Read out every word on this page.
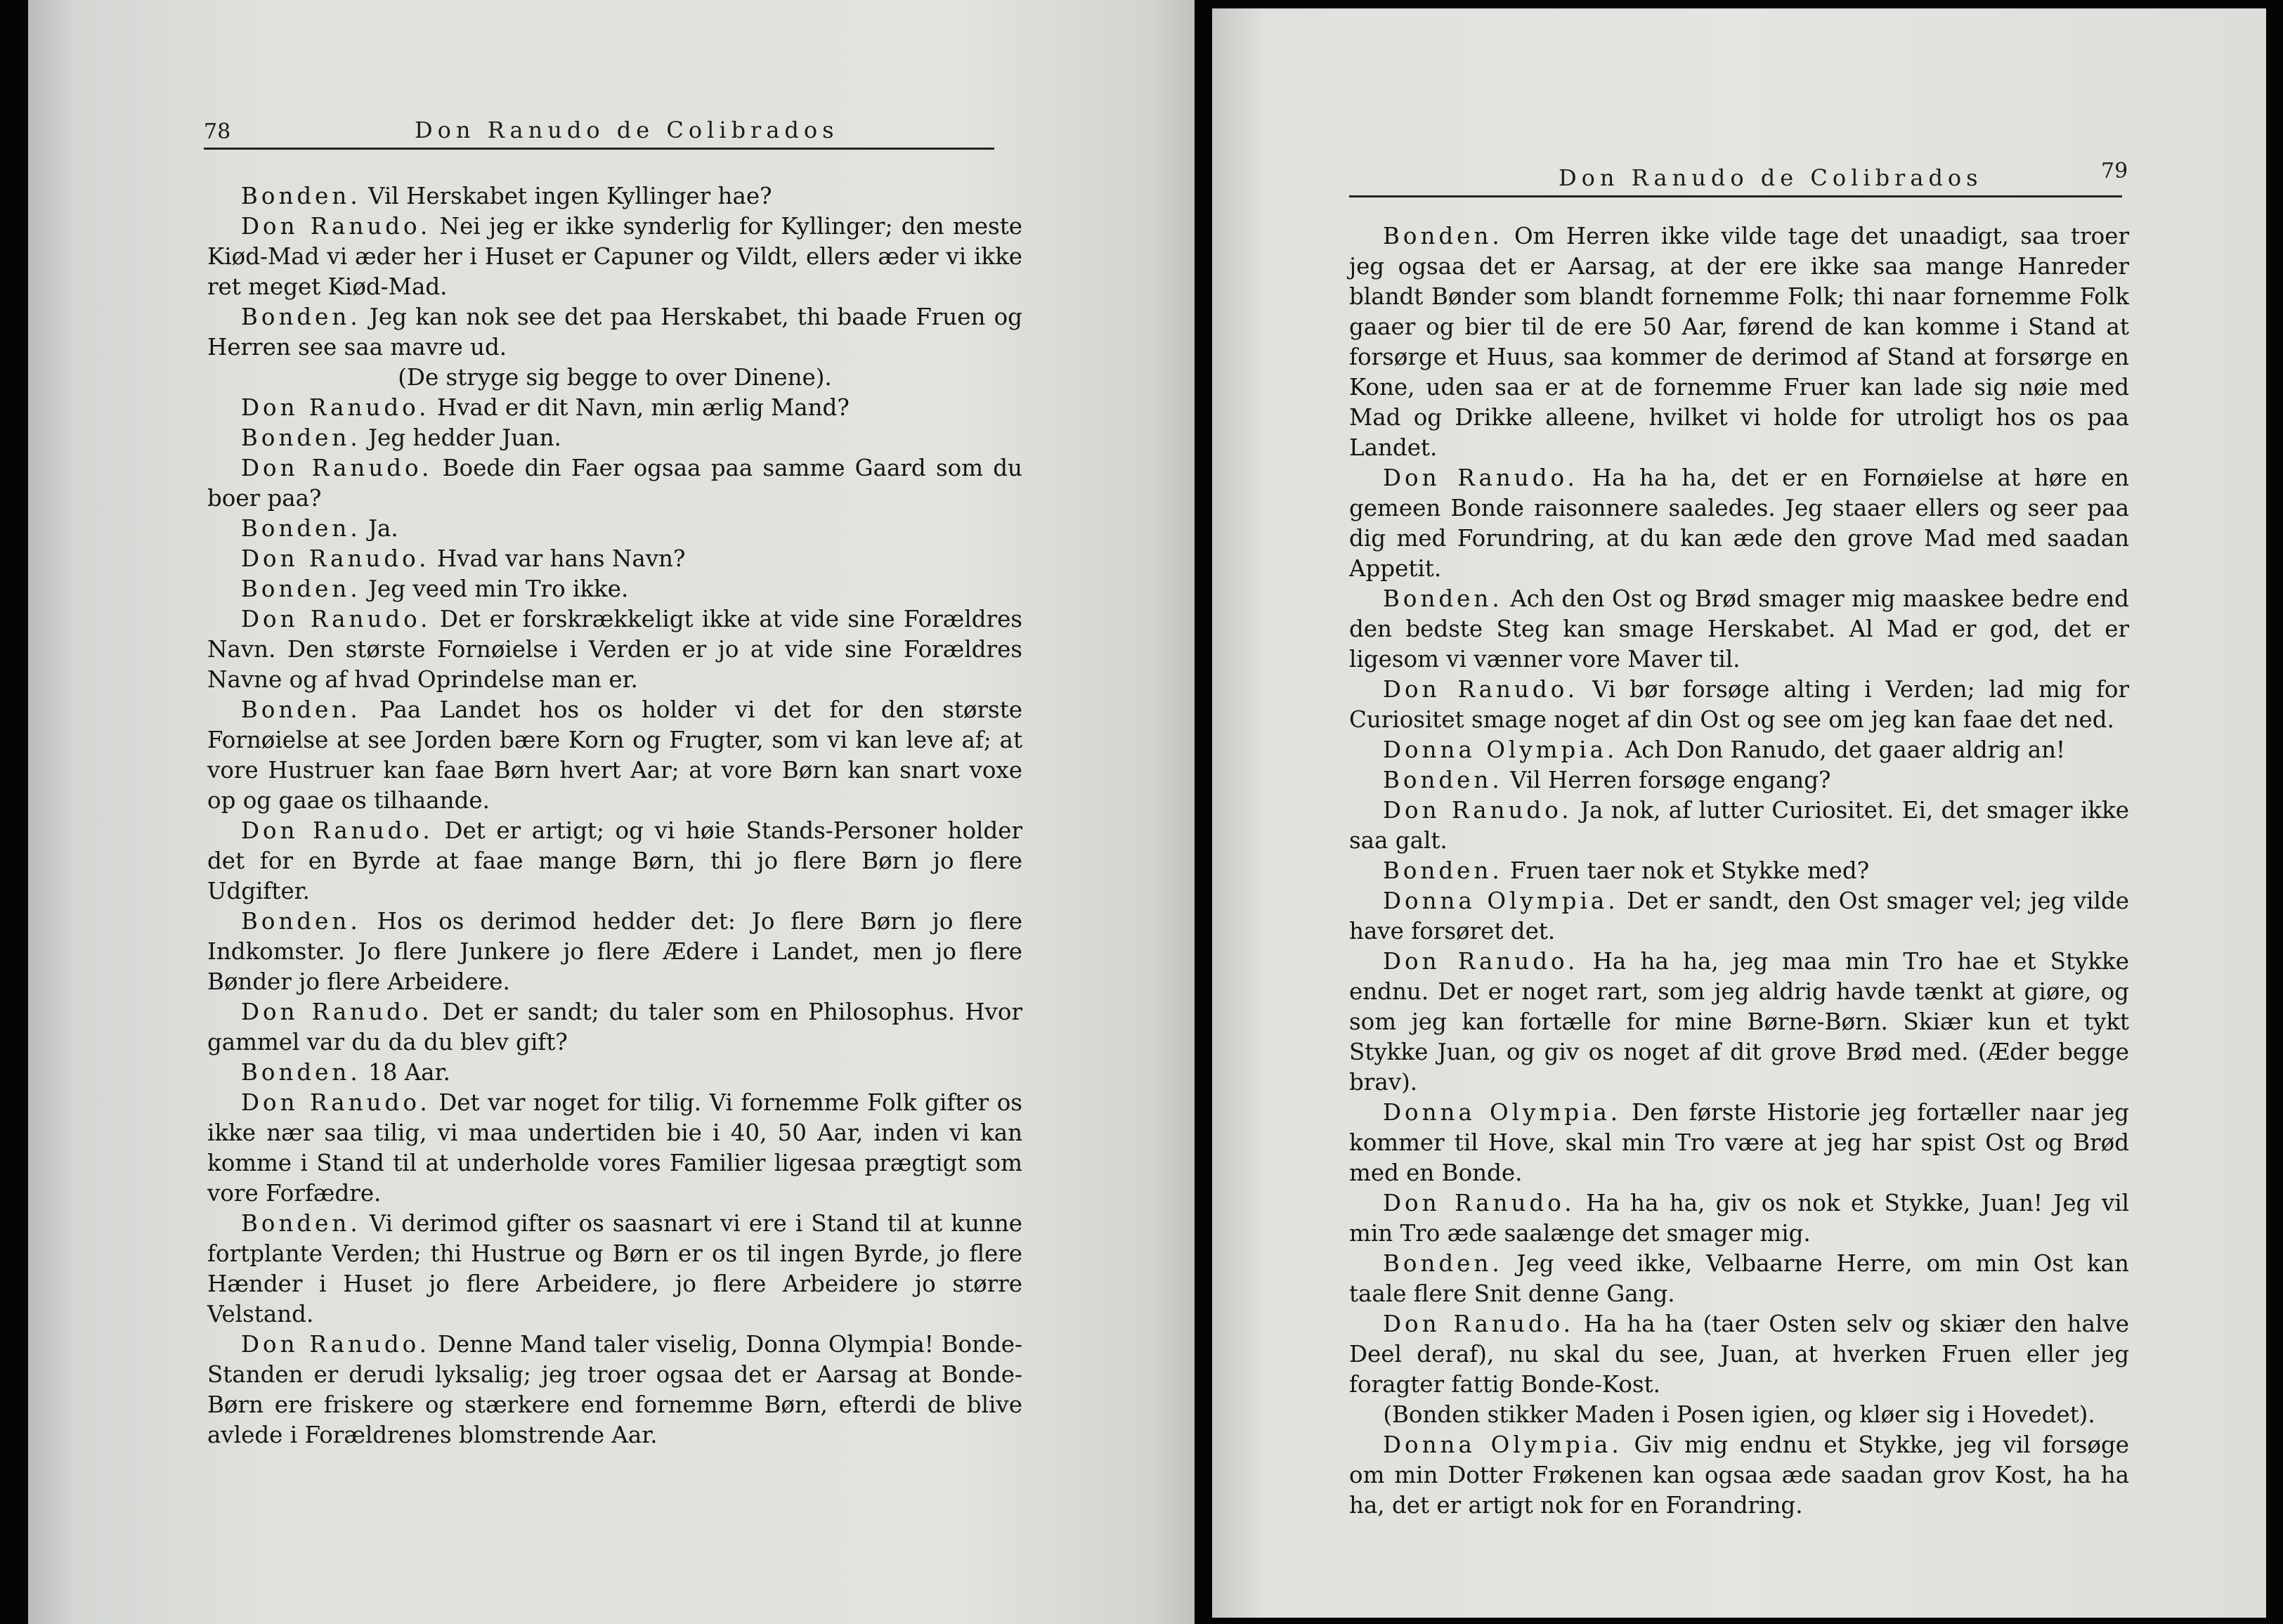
78	Don Ranudo de Colibrados

Bonden. Vil Herskabet ingen Kyllinger hae?

Don Ranudo. Nei jeg er ikke synderlig for Kyllinger; den meste Kiød-Mad vi æder her i Huset er Capuner og Vildt, ellers æder vi ikke ret meget Kiød-Mad.

Bonden. Jeg kan nok see det paa Herskabet, thi baade Fruen og Herren see saa mavre ud.

(De stryge sig begge to over Dinene).

Don Ranudo. Hvad er dit Navn, min ærlig Mand?

Bonden. Jeg hedder Juan.

Don Ranudo. Boede din Faer ogsaa paa samme Gaard som du boer paa?

Bonden. Ja.

Don Ranudo. Hvad var hans Navn?

Bonden. Jeg veed min Tro ikke.

Don Ranudo. Det er forskrækkeligt ikke at vide sine Forældres Navn. Den største Fornøielse i Verden er jo at vide sine Forældres Navne og af hvad Oprindelse man er.

Bonden. Paa Landet hos os holder vi det for den største Fornøielse at see Jorden bære Korn og Frugter, som vi kan leve af; at vore Hustruer kan faae Børn hvert Aar; at vore Børn kan snart voxe op og gaae os tilhaande.

Don Ranudo. Det er artigt; og vi høie Stands-Personer holder det for en Byrde at faae mange Børn, thi jo flere Børn jo flere Udgifter.

Bonden. Hos os derimod hedder det: Jo flere Børn jo flere Indkomster. Jo flere Junkere jo flere Ædere i Landet, men jo flere Bønder jo flere Arbeidere.

Don Ranudo. Det er sandt; du taler som en Philosophus. Hvor gammel var du da du blev gift?

Bonden. 18 Aar.

Don Ranudo. Det var noget for tilig. Vi fornemme Folk gifter os ikke nær saa tilig, vi maa undertiden bie i 40, 50 Aar, inden vi kan komme i Stand til at underholde vores Familier ligesaa prægtigt som vore Forfædre.

Bonden. Vi derimod gifter os saasnart vi ere i Stand til at kunne fortplante Verden; thi Hustrue og Børn er os til ingen Byrde, jo flere Hænder i Huset jo flere Arbeidere, jo flere Arbeidere jo større Velstand.

Don Ranudo. Denne Mand taler viselig, Donna Olympia! Bonde-Standen er derudi lyksalig; jeg troer ogsaa det er Aarsag at Bonde-Børn ere friskere og stærkere end fornemme Børn, efterdi de blive avlede i Forældrenes blomstrende Aar.

Don Ranudo de Colibrados	79

Bonden. Om Herren ikke vilde tage det unaadigt, saa troer jeg ogsaa det er Aarsag, at der ere ikke saa mange Hanreder blandt Bønder som blandt fornemme Folk; thi naar fornemme Folk gaaer og bier til de ere 50 Aar, førend de kan komme i Stand at forsørge et Huus, saa kommer de derimod af Stand at forsørge en Kone, uden saa er at de fornemme Fruer kan lade sig nøie med Mad og Drikke alleene, hvilket vi holde for utroligt hos os paa Landet.

Don Ranudo. Ha ha ha, det er en Fornøielse at høre en gemeen Bonde raisonnere saaledes. Jeg staaer ellers og seer paa dig med Forundring, at du kan æde den grove Mad med saadan Appetit.

Bonden. Ach den Ost og Brød smager mig maaskee bedre end den bedste Steg kan smage Herskabet. Al Mad er god, det er ligesom vi vænner vore Maver til.

Don Ranudo. Vi bør forsøge alting i Verden; lad mig for Curiositet smage noget af din Ost og see om jeg kan faae det ned.

Donna Olympia. Ach Don Ranudo, det gaaer aldrig an!

Bonden. Vil Herren forsøge engang?

Don Ranudo. Ja nok, af lutter Curiositet. Ei, det smager ikke saa galt.

Bonden. Fruen taer nok et Stykke med?

Donna Olympia. Det er sandt, den Ost smager vel; jeg vilde have forsøret det.

Don Ranudo. Ha ha ha, jeg maa min Tro hae et Stykke endnu. Det er noget rart, som jeg aldrig havde tænkt at giøre, og som jeg kan fortælle for mine Børne-Børn. Skiær kun et tykt Stykke Juan, og giv os noget af dit grove Brød med. (Æder begge brav).

Donna Olympia. Den første Historie jeg fortæller naar jeg kommer til Hove, skal min Tro være at jeg har spist Ost og Brød med en Bonde.

Don Ranudo. Ha ha ha, giv os nok et Stykke, Juan! Jeg vil min Tro æde saalænge det smager mig.

Bonden. Jeg veed ikke, Velbaarne Herre, om min Ost kan taale flere Snit denne Gang.

Don Ranudo. Ha ha ha (taer Osten selv og skiær den halve Deel deraf), nu skal du see, Juan, at hverken Fruen eller jeg foragter fattig Bonde-Kost.

(Bonden stikker Maden i Posen igien, og kløer sig i Hovedet).

Donna Olympia. Giv mig endnu et Stykke, jeg vil forsøge om min Dotter Frøkenen kan ogsaa æde saadan grov Kost, ha ha ha, det er artigt nok for en Forandring.
